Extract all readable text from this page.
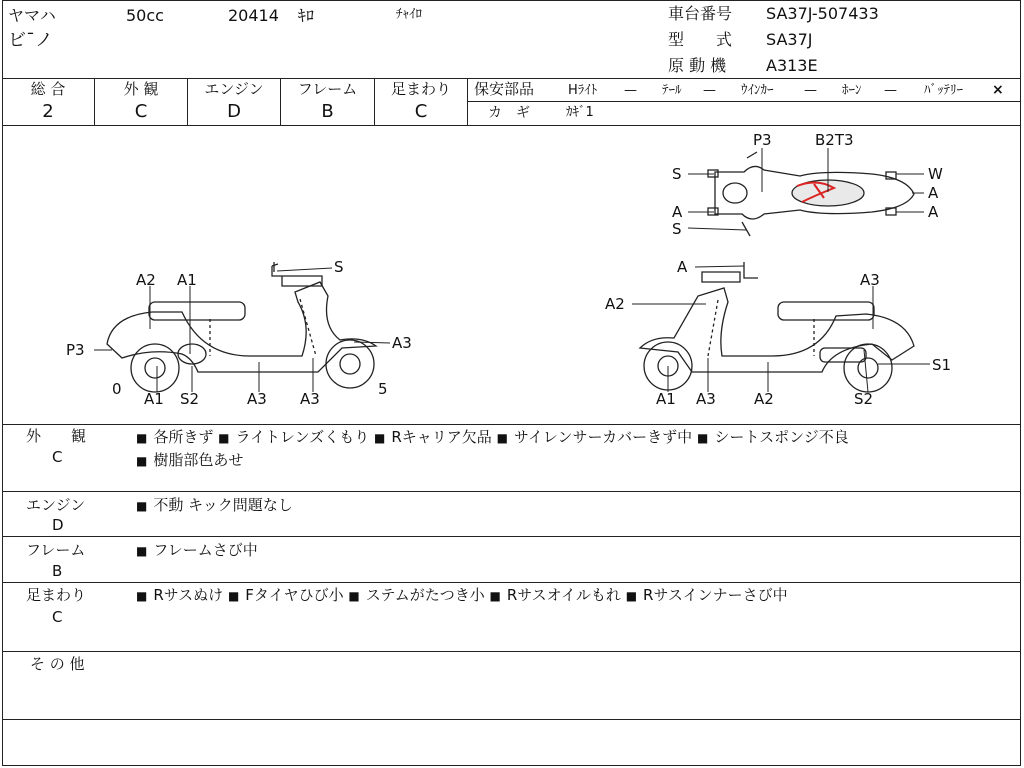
ヤマハ	50cc	20414 ｷﾛ	ﾁｬｲﾛ
ビˉノ
車台番号 SA37J-507433
型　　式 SA37J
原 動 機 A313E
総 合
2
外 観
C
エンジン
D
フレーム
B
足まわり
C
保安部品	Hﾗｲﾄ — ﾃｰﾙ — ｳｲﾝｶｰ — ﾎｰﾝ — ﾊﾞｯﾃﾘｰ ×
カ　ギ	ｶｷﾞ1
P3	B2T3
S	W
A
A	A
S
S
A2 A1
P3	A3
0
A1 S2	A3 A3
5
A
A2
A3
S1
A1 A3	A2	S2
外　　観
C
■ 各所きず ■ ライトレンズくもり ■ Rキャリア欠品 ■ サイレンサーカバーきず中 ■ シートスポンジ不良
■ 樹脂部色あせ
エンジン
D
■ 不動 キック問題なし
フレーム
B
■ フレームさび中
足まわり
C
■ Rサスぬけ ■ Fタイヤひび小 ■ ステムがたつき小 ■ Rサスオイルもれ ■ Rサスインナーさび中
そ の 他
